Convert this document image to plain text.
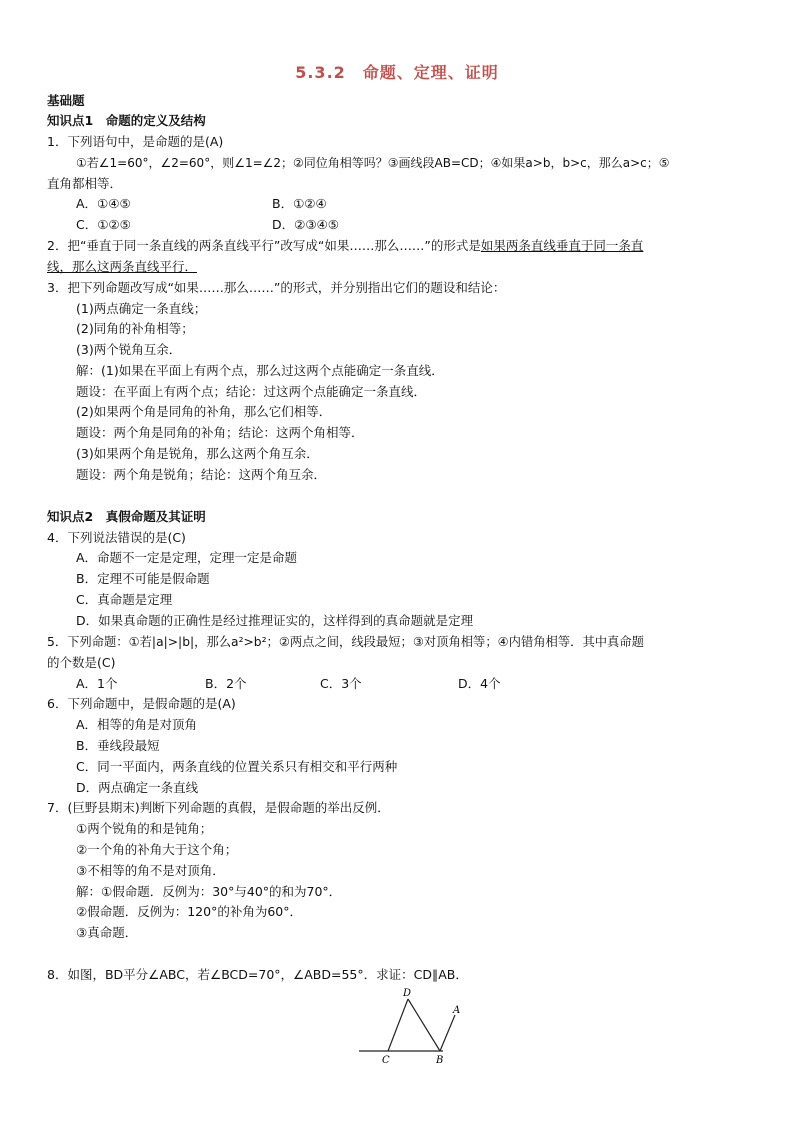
5.3.2　命题、定理、证明
基础题
知识点1　命题的定义及结构
1．下列语句中，是命题的是(A)
①若∠1=60°，∠2=60°，则∠1=∠2；②同位角相等吗？③画线段AB=CD；④如果a>b，b>c，那么a>c；⑤
直角都相等．
A．①④⑤	B．①②④
C．①②⑤	D．②③④⑤
2．把“垂直于同一条直线的两条直线平行”改写成“如果……那么……”的形式是如果两条直线垂直于同一条直
线，那么这两条直线平行．
3．把下列命题改写成“如果……那么……”的形式，并分别指出它们的题设和结论：
(1)两点确定一条直线；
(2)同角的补角相等；
(3)两个锐角互余．
解：(1)如果在平面上有两个点，那么过这两个点能确定一条直线．
题设：在平面上有两个点；结论：过这两个点能确定一条直线．
(2)如果两个角是同角的补角，那么它们相等．
题设：两个角是同角的补角；结论：这两个角相等．
(3)如果两个角是锐角，那么这两个角互余．
题设：两个角是锐角；结论：这两个角互余．
知识点2　真假命题及其证明
4．下列说法错误的是(C)
A．命题不一定是定理，定理一定是命题
B．定理不可能是假命题
C．真命题是定理
D．如果真命题的正确性是经过推理证实的，这样得到的真命题就是定理
5．下列命题：①若|a|>|b|，那么a²>b²；②两点之间，线段最短；③对顶角相等；④内错角相等．其中真命题
的个数是(C)
A．1个	B．2个	C．3个	D．4个
6．下列命题中，是假命题的是(A)
A．相等的角是对顶角
B．垂线段最短
C．同一平面内，两条直线的位置关系只有相交和平行两种
D．两点确定一条直线
7．(巨野县期末)判断下列命题的真假，是假命题的举出反例．
①两个锐角的和是钝角；
②一个角的补角大于这个角；
③不相等的角不是对顶角．
解：①假命题．反例为：30°与40°的和为70°．
②假命题．反例为：120°的补角为60°．
③真命题．
8．如图，BD平分∠ABC，若∠BCD=70°，∠ABD=55°．求证：CD∥AB．
D
A
C	B
